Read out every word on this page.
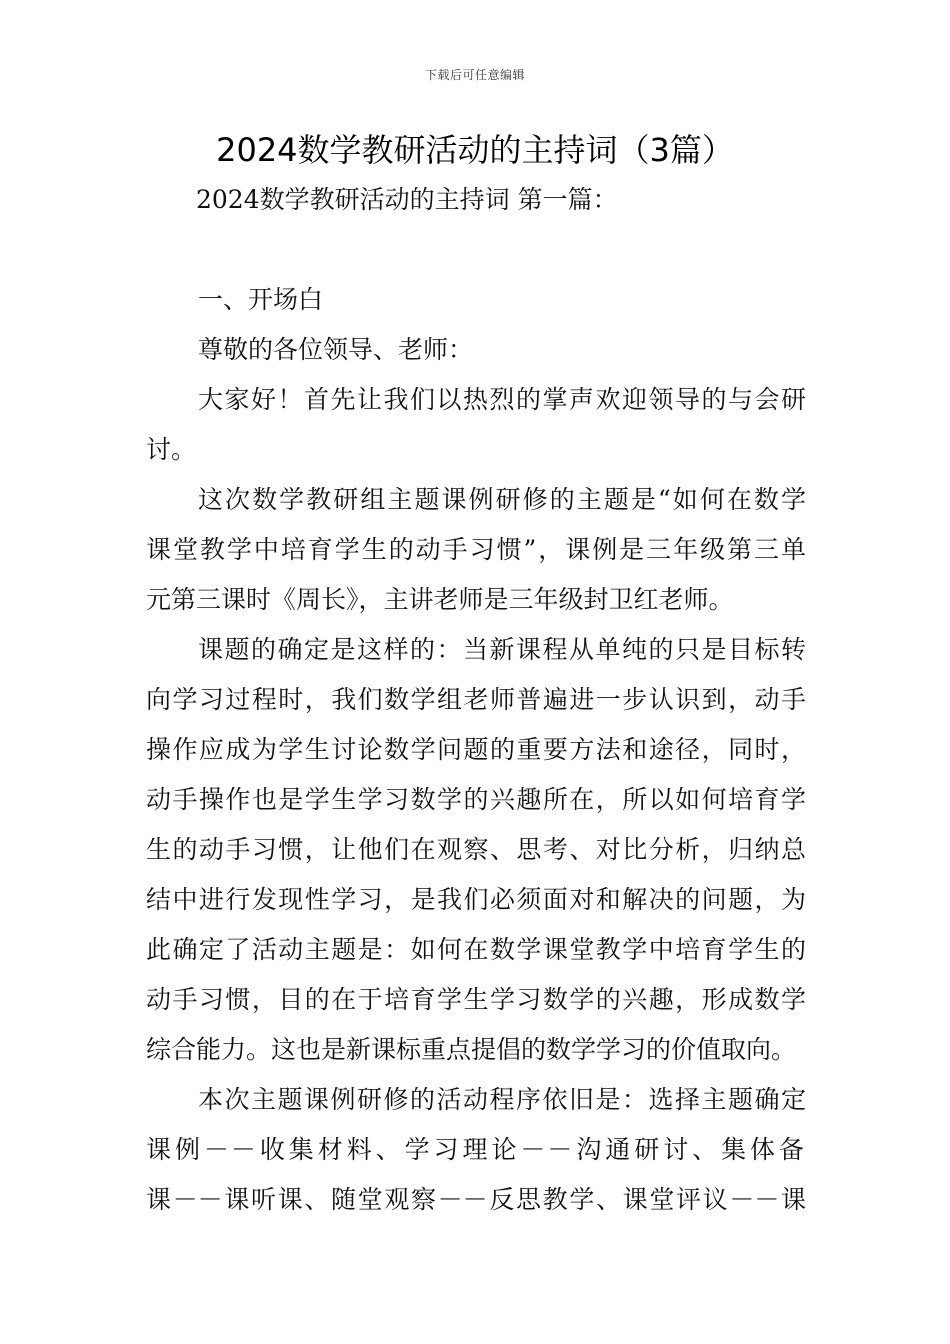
下载后可任意编辑
2024数学教研活动的主持词（3篇）
2024数学教研活动的主持词 第一篇：
一、开场白
尊敬的各位领导、老师：
大家好！首先让我们以热烈的掌声欢迎领导的与会研
讨。
这次数学教研组主题课例研修的主题是“如何在数学
课堂教学中培育学生的动手习惯”，课例是三年级第三单
元第三课时《周长》，主讲老师是三年级封卫红老师。
课题的确定是这样的：当新课程从单纯的只是目标转
向学习过程时，我们数学组老师普遍进一步认识到，动手
操作应成为学生讨论数学问题的重要方法和途径，同时，
动手操作也是学生学习数学的兴趣所在，所以如何培育学
生的动手习惯，让他们在观察、思考、对比分析，归纳总
结中进行发现性学习，是我们必须面对和解决的问题，为
此确定了活动主题是：如何在数学课堂教学中培育学生的
动手习惯，目的在于培育学生学习数学的兴趣，形成数学
综合能力。这也是新课标重点提倡的数学学习的价值取向。
本次主题课例研修的活动程序依旧是：选择主题确定
课例－－收集材料、学习理论－－沟通研讨、集体备
课－－课听课、随堂观察－－反思教学、课堂评议－－课
